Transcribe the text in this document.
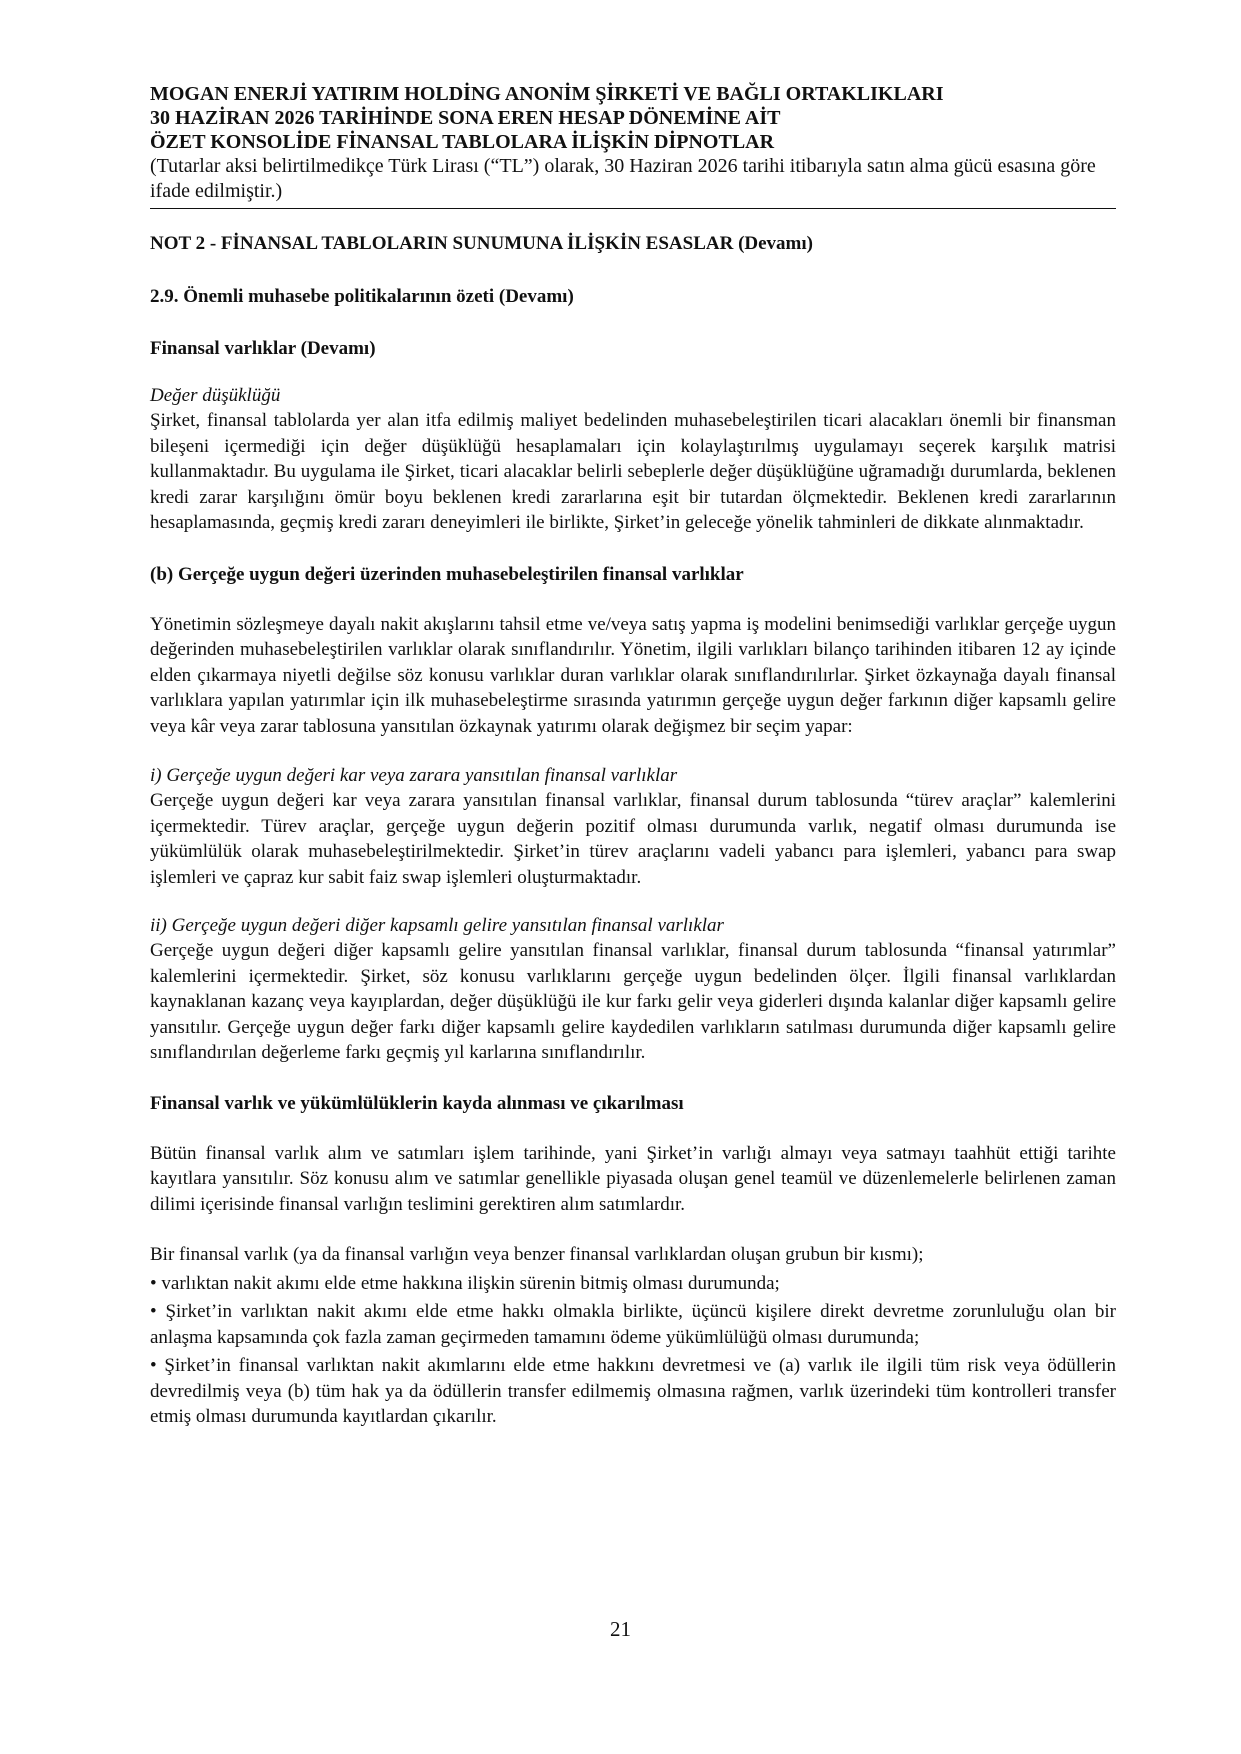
MOGAN ENERJİ YATIRIM HOLDİNG ANONİM ŞİRKETİ VE BAĞLI ORTAKLIKLARI
30 HAZİRAN 2026 TARİHİNDE SONA EREN HESAP DÖNEMİNE AİT
ÖZET KONSOLİDE FİNANSAL TABLOLARA İLİŞKİN DİPNOTLAR
(Tutarlar aksi belirtilmedikçe Türk Lirası (“TL”) olarak, 30 Haziran 2026 tarihi itibarıyla satın alma gücü esasına göre ifade edilmiştir.)
NOT 2 - FİNANSAL TABLOLARIN SUNUMUNA İLİŞKİN ESASLAR (Devamı)
2.9. Önemli muhasebe politikalarının özeti (Devamı)
Finansal varlıklar (Devamı)
Değer düşüklüğü

Şirket, finansal tablolarda yer alan itfa edilmiş maliyet bedelinden muhasebeleştirilen ticari alacakları önemli bir finansman bileşeni içermediği için değer düşüklüğü hesaplamaları için kolaylaştırılmış uygulamayı seçerek karşılık matrisi kullanmaktadır. Bu uygulama ile Şirket, ticari alacaklar belirli sebeplerle değer düşüklüğüne uğramadığı durumlarda, beklenen kredi zarar karşılığını ömür boyu beklenen kredi zararlarına eşit bir tutardan ölçmektedir. Beklenen kredi zararlarının hesaplamasında, geçmiş kredi zararı deneyimleri ile birlikte, Şirket’in geleceğe yönelik tahminleri de dikkate alınmaktadır.

(b) Gerçeğe uygun değeri üzerinden muhasebeleştirilen finansal varlıklar

Yönetimin sözleşmeye dayalı nakit akışlarını tahsil etme ve/veya satış yapma iş modelini benimsediği varlıklar gerçeğe uygun değerinden muhasebeleştirilen varlıklar olarak sınıflandırılır. Yönetim, ilgili varlıkları bilanço tarihinden itibaren 12 ay içinde elden çıkarmaya niyetli değilse söz konusu varlıklar duran varlıklar olarak sınıflandırılırlar. Şirket özkaynağa dayalı finansal varlıklara yapılan yatırımlar için ilk muhasebeleştirme sırasında yatırımın gerçeğe uygun değer farkının diğer kapsamlı gelire veya kâr veya zarar tablosuna yansıtılan özkaynak yatırımı olarak değişmez bir seçim yapar:

i) Gerçeğe uygun değeri kar veya zarara yansıtılan finansal varlıklar

Gerçeğe uygun değeri kar veya zarara yansıtılan finansal varlıklar, finansal durum tablosunda “türev araçlar” kalemlerini içermektedir. Türev araçlar, gerçeğe uygun değerin pozitif olması durumunda varlık, negatif olması durumunda ise yükümlülük olarak muhasebeleştirilmektedir. Şirket’in türev araçlarını vadeli yabancı para işlemleri, yabancı para swap işlemleri ve çapraz kur sabit faiz swap işlemleri oluşturmaktadır.

ii) Gerçeğe uygun değeri diğer kapsamlı gelire yansıtılan finansal varlıklar

Gerçeğe uygun değeri diğer kapsamlı gelire yansıtılan finansal varlıklar, finansal durum tablosunda “finansal yatırımlar” kalemlerini içermektedir. Şirket, söz konusu varlıklarını gerçeğe uygun bedelinden ölçer. İlgili finansal varlıklardan kaynaklanan kazanç veya kayıplardan, değer düşüklüğü ile kur farkı gelir veya giderleri dışında kalanlar diğer kapsamlı gelire yansıtılır. Gerçeğe uygun değer farkı diğer kapsamlı gelire kaydedilen varlıkların satılması durumunda diğer kapsamlı gelire sınıflandırılan değerleme farkı geçmiş yıl karlarına sınıflandırılır.

Finansal varlık ve yükümlülüklerin kayda alınması ve çıkarılması

Bütün finansal varlık alım ve satımları işlem tarihinde, yani Şirket’in varlığı almayı veya satmayı taahhüt ettiği tarihte kayıtlara yansıtılır. Söz konusu alım ve satımlar genellikle piyasada oluşan genel teamül ve düzenlemelerle belirlenen zaman dilimi içerisinde finansal varlığın teslimini gerektiren alım satımlardır.

Bir finansal varlık (ya da finansal varlığın veya benzer finansal varlıklardan oluşan grubun bir kısmı);

• varlıktan nakit akımı elde etme hakkına ilişkin sürenin bitmiş olması durumunda;

• Şirket’in varlıktan nakit akımı elde etme hakkı olmakla birlikte, üçüncü kişilere direkt devretme zorunluluğu olan bir anlaşma kapsamında çok fazla zaman geçirmeden tamamını ödeme yükümlülüğü olması durumunda;

• Şirket’in finansal varlıktan nakit akımlarını elde etme hakkını devretmesi ve (a) varlık ile ilgili tüm risk veya ödüllerin devredilmiş veya (b) tüm hak ya da ödüllerin transfer edilmemiş olmasına rağmen, varlık üzerindeki tüm kontrolleri transfer etmiş olması durumunda kayıtlardan çıkarılır.

21
